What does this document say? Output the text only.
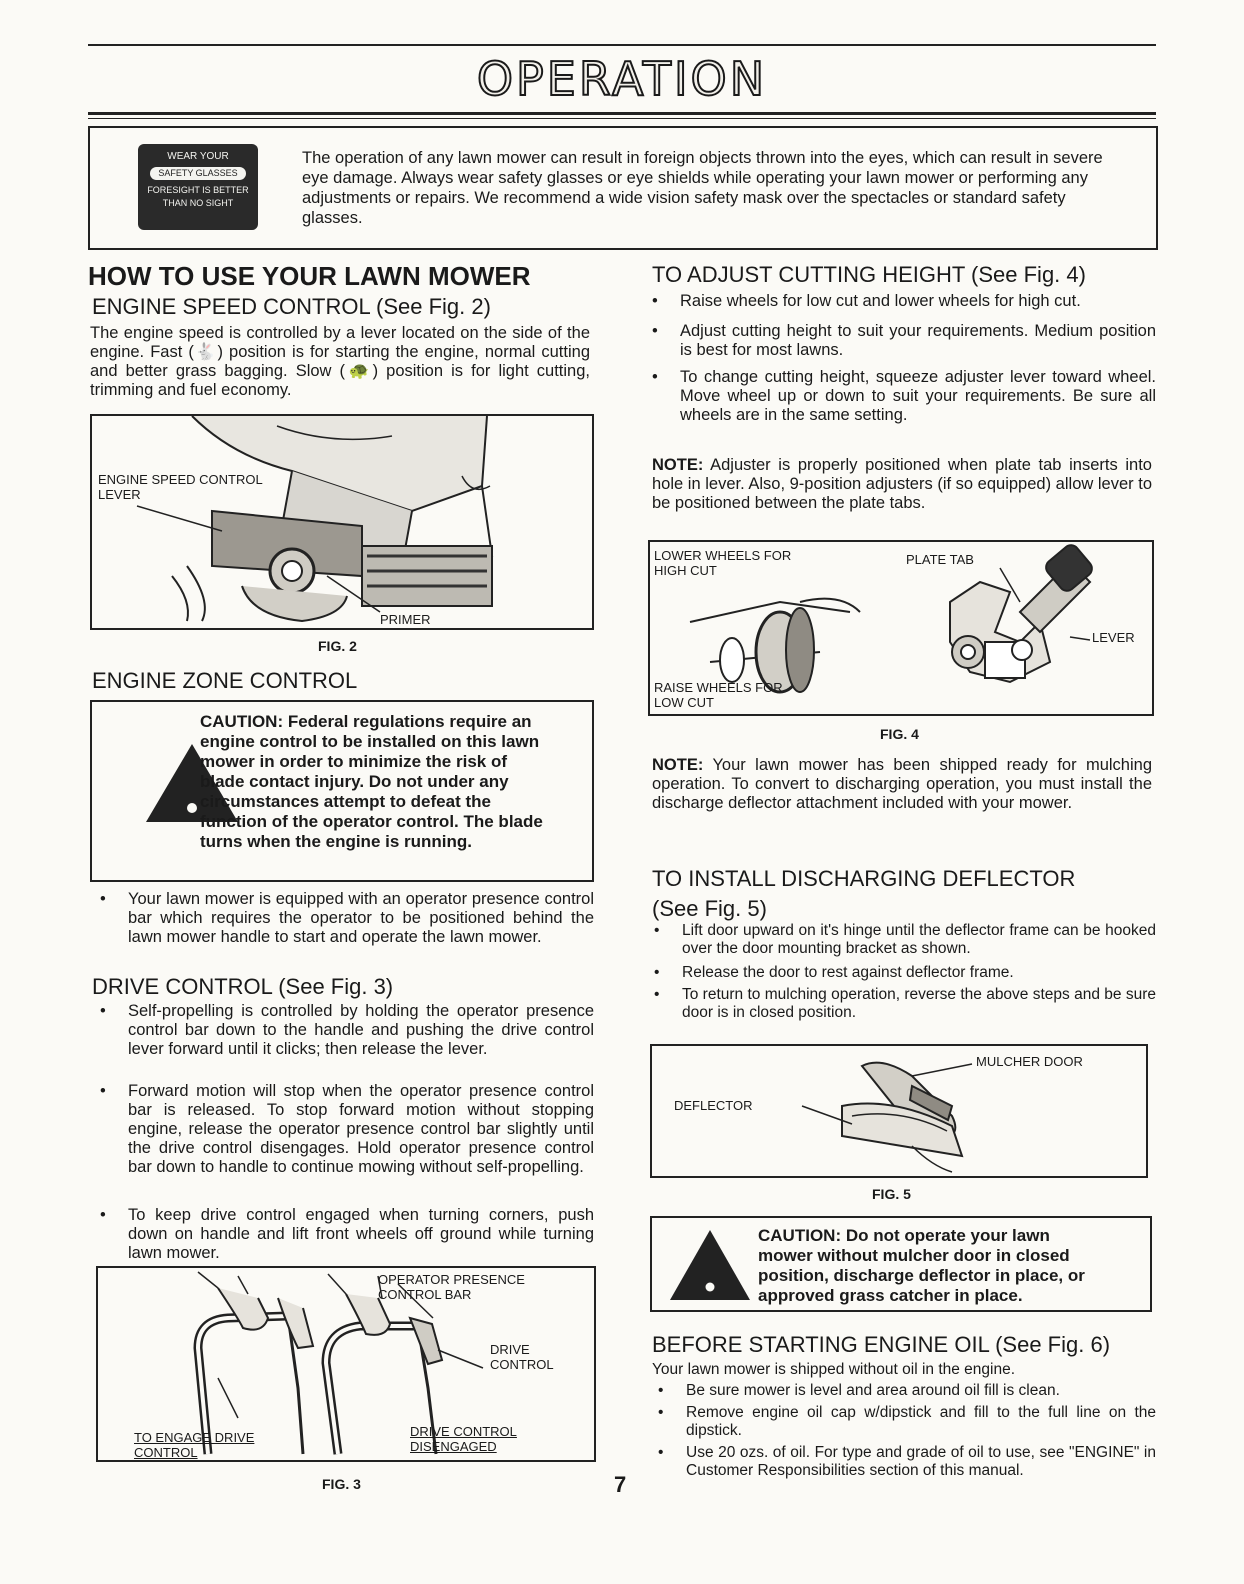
OPERATION
WEAR YOUR
SAFETY GLASSES
FORESIGHT IS BETTER
THAN NO SIGHT
The operation of any lawn mower can result in foreign objects thrown into the eyes, which can result in severe eye damage. Always wear safety glasses or eye shields while operating your lawn mower or performing any adjustments or repairs. We recommend a wide vision safety mask over the spectacles or standard safety glasses.
HOW TO USE YOUR LAWN MOWER
ENGINE SPEED CONTROL (See Fig. 2)
The engine speed is controlled by a lever located on the side of the engine. Fast (🐇) position is for starting the engine, normal cutting and better grass bagging. Slow (🐢) position is for light cutting, trimming and fuel economy.
ENGINE SPEED CONTROL LEVER
PRIMER
FIG. 2
ENGINE ZONE CONTROL
CAUTION: Federal regulations require an engine control to be installed on this lawn mower in order to minimize the risk of blade contact injury. Do not under any circumstances attempt to defeat the function of the operator control. The blade turns when the engine is running.
• Your lawn mower is equipped with an operator presence control bar which requires the operator to be positioned behind the lawn mower handle to start and operate the lawn mower.
DRIVE CONTROL (See Fig. 3)
• Self-propelling is controlled by holding the operator presence control bar down to the handle and pushing the drive control lever forward until it clicks; then release the lever.
• Forward motion will stop when the operator presence control bar is released. To stop forward motion without stopping engine, release the operator presence control bar slightly until the drive control disengages. Hold operator presence control bar down to handle to continue mowing without self-propelling.
• To keep drive control engaged when turning corners, push down on handle and lift front wheels off ground while turning lawn mower.
OPERATOR PRESENCE CONTROL BAR
DRIVE CONTROL
TO ENGAGE DRIVE CONTROL
DRIVE CONTROL DISENGAGED
FIG. 3	7
TO ADJUST CUTTING HEIGHT (See Fig. 4)
• Raise wheels for low cut and lower wheels for high cut.
• Adjust cutting height to suit your requirements. Medium position is best for most lawns.
• To change cutting height, squeeze adjuster lever toward wheel. Move wheel up or down to suit your requirements. Be sure all wheels are in the same setting.
NOTE: Adjuster is properly positioned when plate tab inserts into hole in lever. Also, 9-position adjusters (if so equipped) allow lever to be positioned between the plate tabs.
LOWER WHEELS FOR HIGH CUT
PLATE TAB
LEVER
RAISE WHEELS FOR LOW CUT
FIG. 4
NOTE: Your lawn mower has been shipped ready for mulching operation. To convert to discharging operation, you must install the discharge deflector attachment included with your mower.
TO INSTALL DISCHARGING DEFLECTOR
(See Fig. 5)
• Lift door upward on it's hinge until the deflector frame can be hooked over the door mounting bracket as shown.
• Release the door to rest against deflector frame.
• To return to mulching operation, reverse the above steps and be sure door is in closed position.
MULCHER DOOR
DEFLECTOR
FIG. 5
CAUTION: Do not operate your lawn mower without mulcher door in closed position, discharge deflector in place, or approved grass catcher in place.
BEFORE STARTING ENGINE OIL (See Fig. 6)
Your lawn mower is shipped without oil in the engine.
• Be sure mower is level and area around oil fill is clean.
• Remove engine oil cap w/dipstick and fill to the full line on the dipstick.
• Use 20 ozs. of oil. For type and grade of oil to use, see "ENGINE" in Customer Responsibilities section of this manual.
